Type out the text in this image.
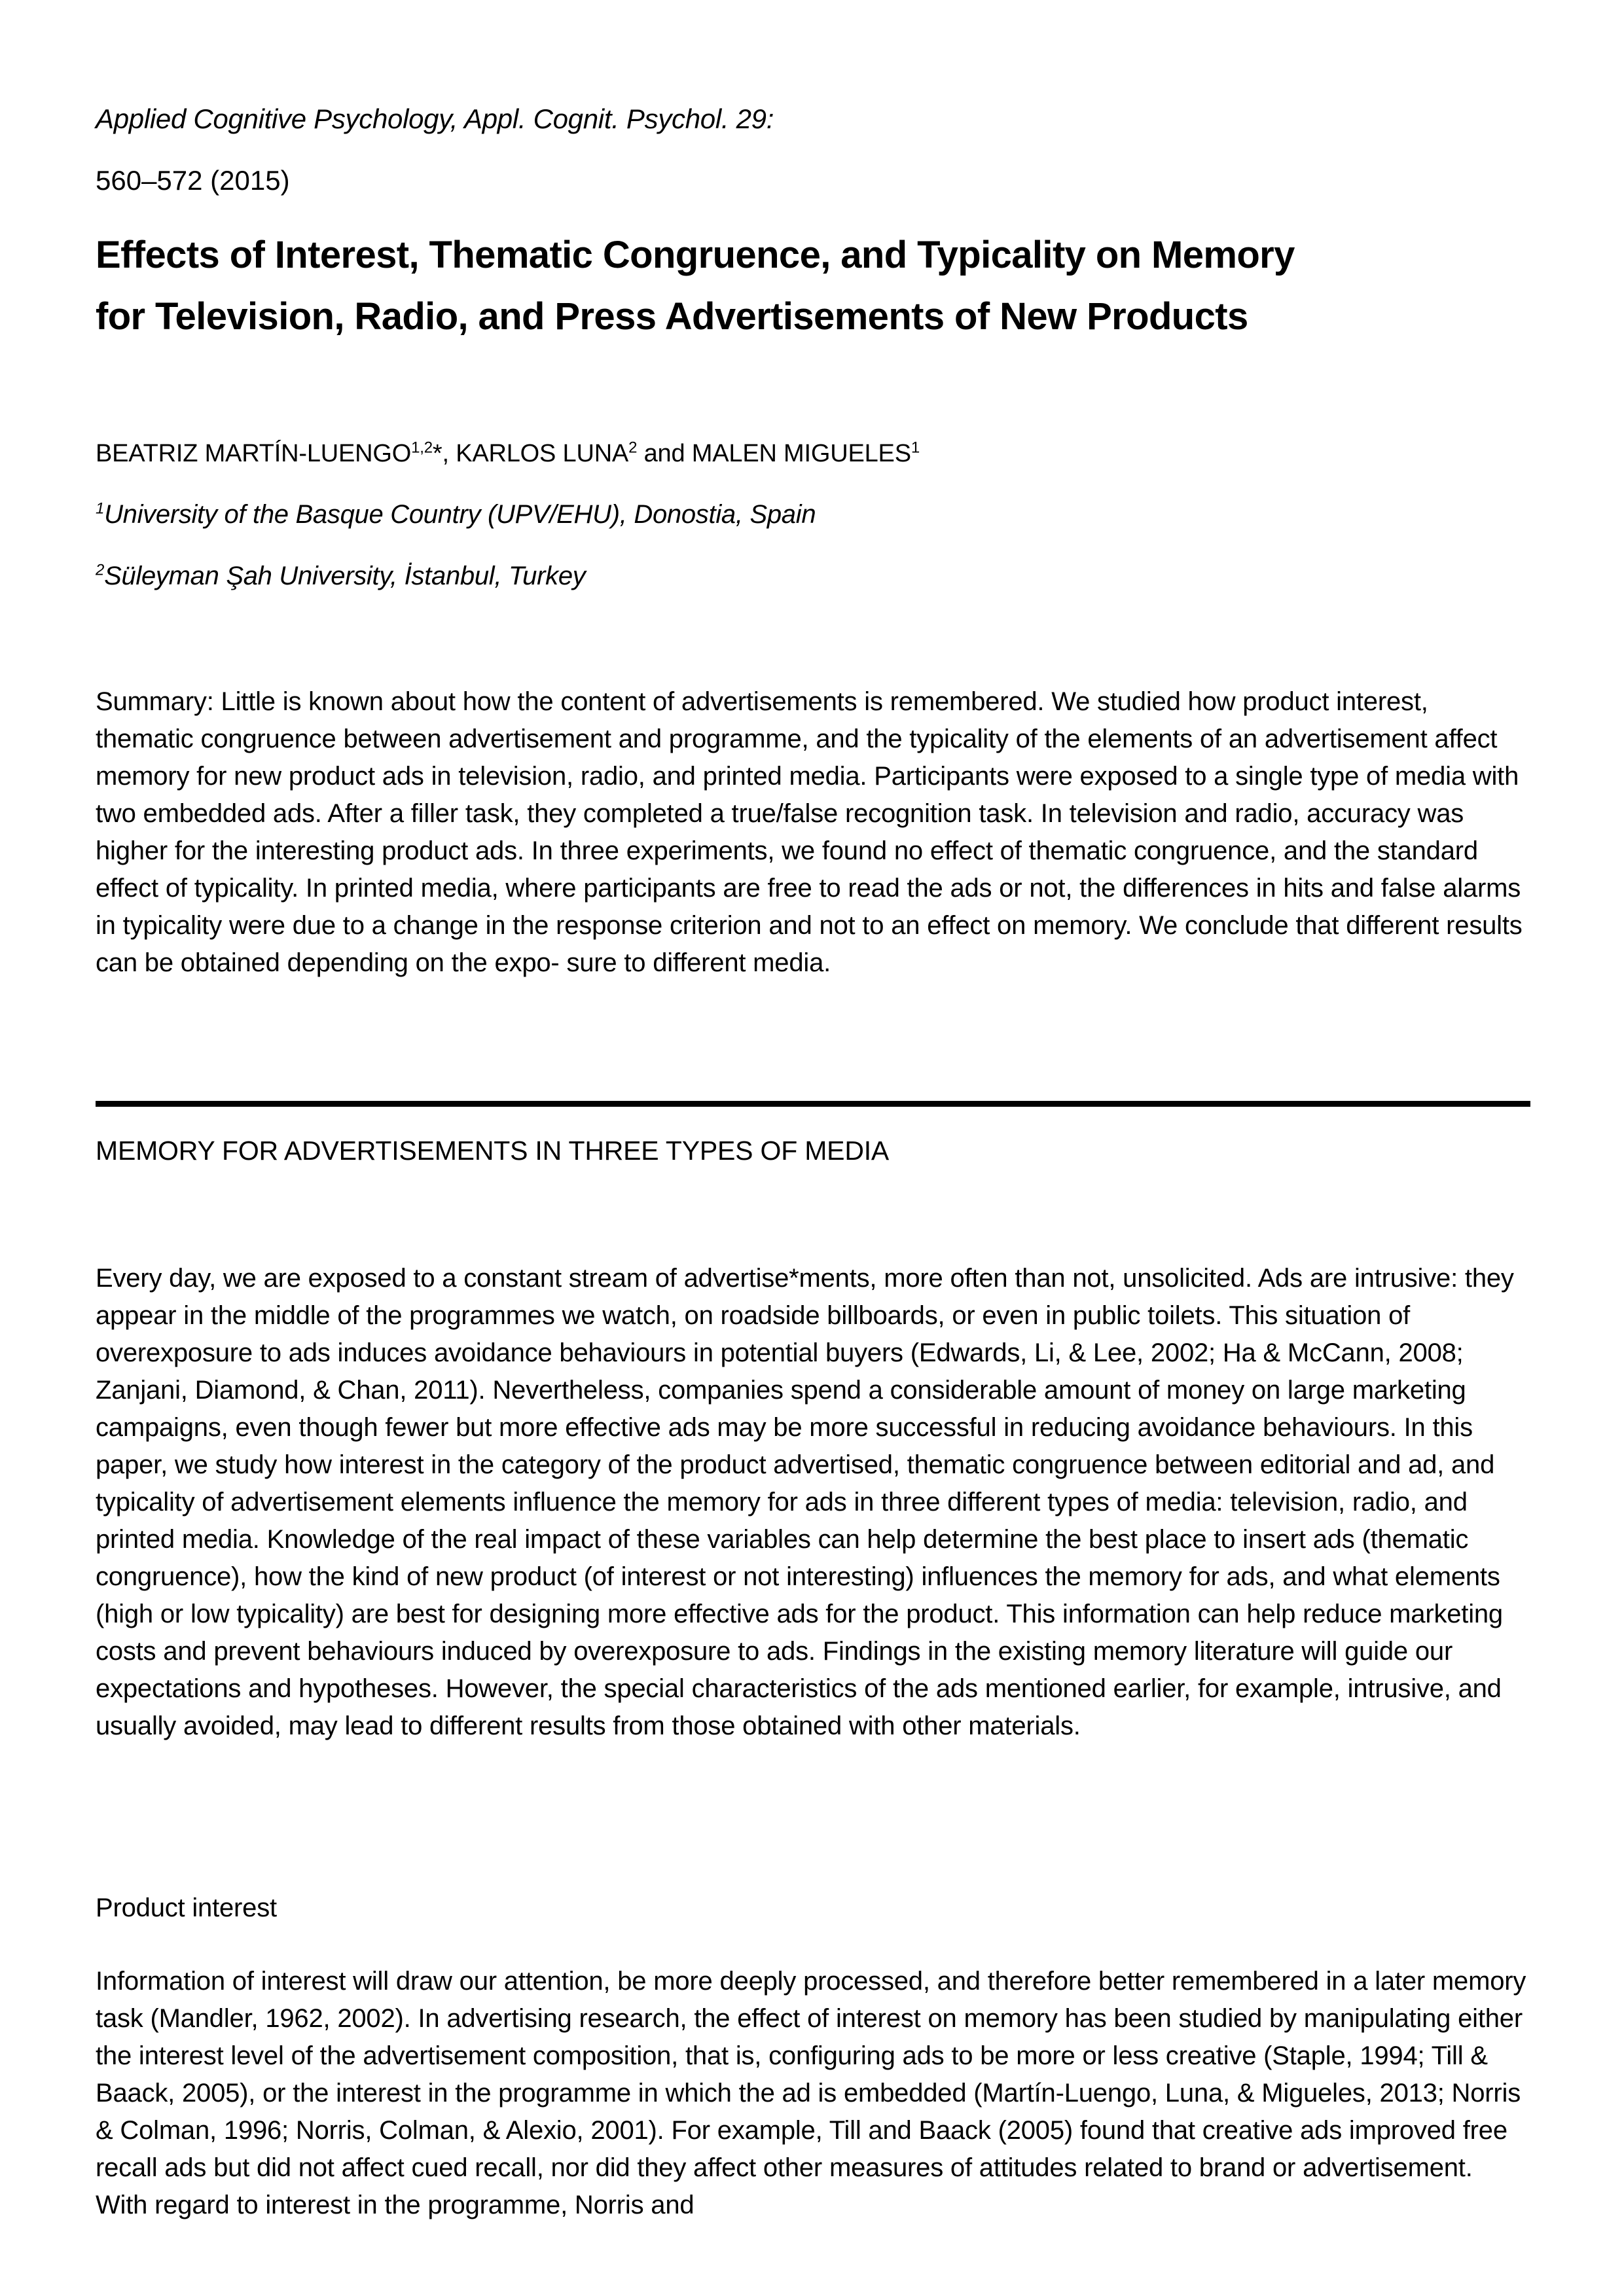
Applied Cognitive Psychology, Appl. Cognit. Psychol. 29:
560–572 (2015)
Effects of Interest, Thematic Congruence, and Typicality on Memory
for Television, Radio, and Press Advertisements of New Products
BEATRIZ MARTÍN-LUENGO$^{1,2}$*, KARLOS LUNA$^2$ and MALEN MIGUELES$^1$
$^1$University of the Basque Country (UPV/EHU), Donostia, Spain
$^2$Süleyman Şah University, İstanbul, Turkey
Summary: Little is known about how the content of advertisements is remembered. We studied how product interest, thematic congruence between advertisement and programme, and the typicality of the elements of an advertisement affect memory for new product ads in television, radio, and printed media. Participants were exposed to a single type of media with two embedded ads. After a filler task, they completed a true/false recognition task. In television and radio, accuracy was higher for the interesting product ads. In three experiments, we found no effect of thematic congruence, and the standard effect of typicality. In printed media, where participants are free to read the ads or not, the differences in hits and false alarms in typicality were due to a change in the response criterion and not to an effect on memory. We conclude that different results can be obtained depending on the expo- sure to different media.
MEMORY FOR ADVERTISEMENTS IN THREE TYPES OF MEDIA
Every day, we are exposed to a constant stream of advertise*ments, more often than not, unsolicited. Ads are intrusive: they appear in the middle of the programmes we watch, on roadside billboards, or even in public toilets. This situation of overexposure to ads induces avoidance behaviours in potential buyers (Edwards, Li, & Lee, 2002; Ha & McCann, 2008; Zanjani, Diamond, & Chan, 2011). Nevertheless, companies spend a considerable amount of money on large marketing campaigns, even though fewer but more effective ads may be more successful in reducing avoidance behaviours. In this paper, we study how interest in the category of the product advertised, thematic congruence between editorial and ad, and typicality of advertisement elements influence the memory for ads in three different types of media: television, radio, and printed media. Knowledge of the real impact of these variables can help determine the best place to insert ads (thematic congruence), how the kind of new product (of interest or not interesting) influences the memory for ads, and what elements (high or low typicality) are best for designing more effective ads for the product. This information can help reduce marketing costs and prevent behaviours induced by overexposure to ads. Findings in the existing memory literature will guide our expectations and hypotheses. However, the special characteristics of the ads mentioned earlier, for example, intrusive, and usually avoided, may lead to different results from those obtained with other materials.
Product interest
Information of interest will draw our attention, be more deeply processed, and therefore better remembered in a later memory task (Mandler, 1962, 2002). In advertising research, the effect of interest on memory has been studied by manipulating either the interest level of the advertisement composition, that is, configuring ads to be more or less creative (Staple, 1994; Till & Baack, 2005), or the interest in the programme in which the ad is embedded (Martín-Luengo, Luna, & Migueles, 2013; Norris & Colman, 1996; Norris, Colman, & Alexio, 2001). For example, Till and Baack (2005) found that creative ads improved free recall ads but did not affect cued recall, nor did they affect other measures of attitudes related to brand or advertisement. With regard to interest in the programme, Norris and
